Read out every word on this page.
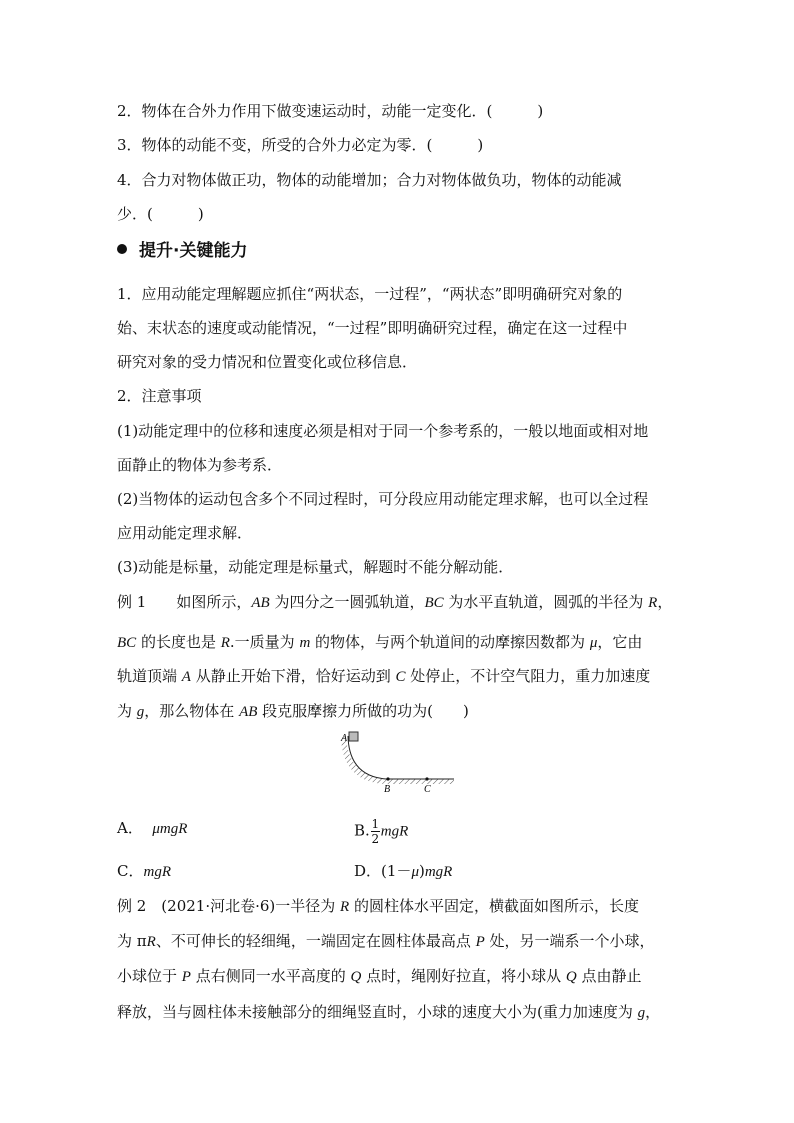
2．物体在合外力作用下做变速运动时，动能一定变化．(　　　)
3．物体的动能不变，所受的合外力必定为零．(　　　)
4．合力对物体做正功，物体的动能增加；合力对物体做负功，物体的动能减
少．(　　　)
提升·关键能力
1．应用动能定理解题应抓住“两状态，一过程”，“两状态”即明确研究对象的
始、末状态的速度或动能情况，“一过程”即明确研究过程，确定在这一过程中
研究对象的受力情况和位置变化或位移信息．
2．注意事项
(1)动能定理中的位移和速度必须是相对于同一个参考系的，一般以地面或相对地
面静止的物体为参考系．
(2)当物体的运动包含多个不同过程时，可分段应用动能定理求解，也可以全过程
应用动能定理求解．
(3)动能是标量，动能定理是标量式，解题时不能分解动能．
例 1　　 如图所示，AB 为四分之一圆弧轨道，BC 为水平直轨道，圆弧的半径为 R，
BC 的长度也是 R.一质量为 m 的物体，与两个轨道间的动摩擦因数都为 μ，它由
轨道顶端 A 从静止开始下滑，恰好运动到 C 处停止，不计空气阻力，重力加速度
为 g，那么物体在 AB 段克服摩擦力所做的功为(　　)
A
B	C
A． μmgR	B. $\frac{1}{2}$ mgR
C．mgR	D．(1－μ)mgR
例 2　(2021·河北卷·6)一半径为 R 的圆柱体水平固定，横截面如图所示，长度
为 πR、不可伸长的轻细绳，一端固定在圆柱体最高点 P 处，另一端系一个小球，
小球位于 P 点右侧同一水平高度的 Q 点时，绳刚好拉直，将小球从 Q 点由静止
释放，当与圆柱体未接触部分的细绳竖直时，小球的速度大小为(重力加速度为 g，
